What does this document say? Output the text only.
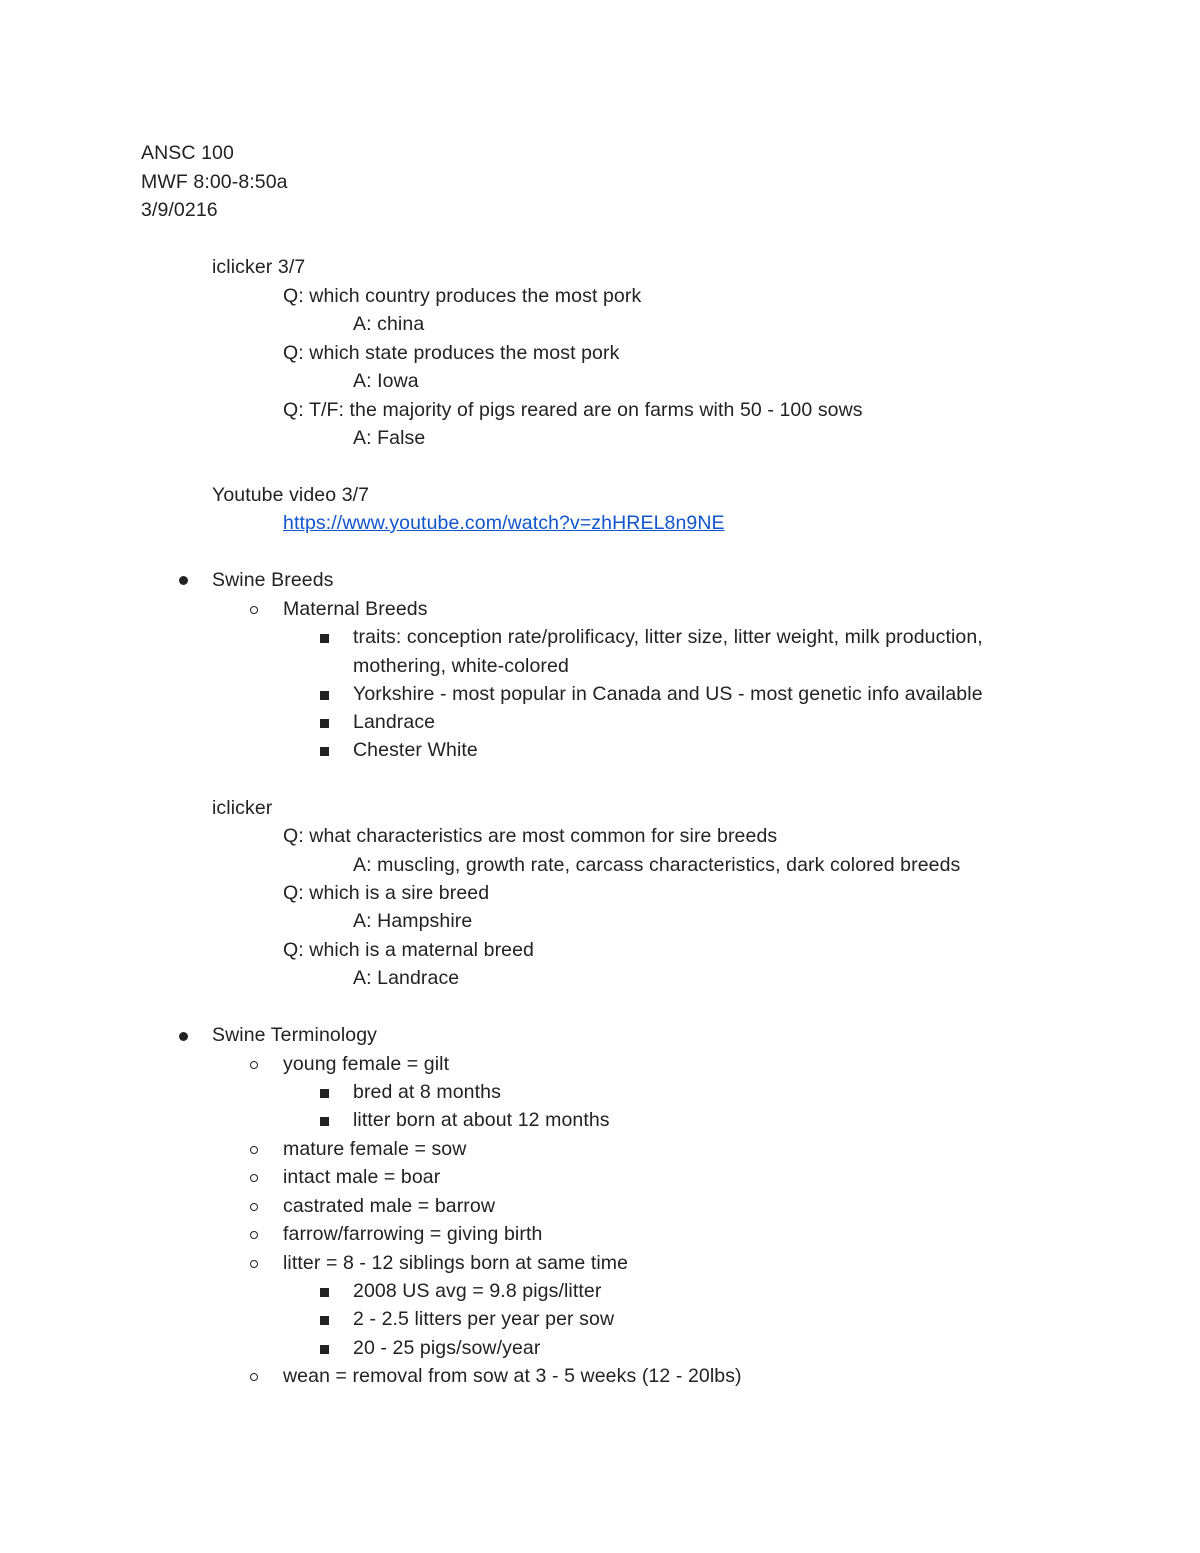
ANSC 100
MWF 8:00-8:50a
3/9/0216
iclicker 3/7
Q: which country produces the most pork
A: china
Q: which state produces the most pork
A: Iowa
Q: T/F: the majority of pigs reared are on farms with 50 - 100 sows
A: False
Youtube video 3/7
https://www.youtube.com/watch?v=zhHREL8n9NE
Swine Breeds
Maternal Breeds
traits: conception rate/prolificacy, litter size, litter weight, milk production,
mothering, white-colored
Yorkshire - most popular in Canada and US - most genetic info available
Landrace
Chester White
iclicker
Q: what characteristics are most common for sire breeds
A: muscling, growth rate, carcass characteristics, dark colored breeds
Q: which is a sire breed
A: Hampshire
Q: which is a maternal breed
A: Landrace
Swine Terminology
young female = gilt
bred at 8 months
litter born at about 12 months
mature female = sow
intact male = boar
castrated male = barrow
farrow/farrowing = giving birth
litter = 8 - 12 siblings born at same time
2008 US avg = 9.8 pigs/litter
2 - 2.5 litters per year per sow
20 - 25 pigs/sow/year
wean = removal from sow at 3 - 5 weeks (12 - 20lbs)
